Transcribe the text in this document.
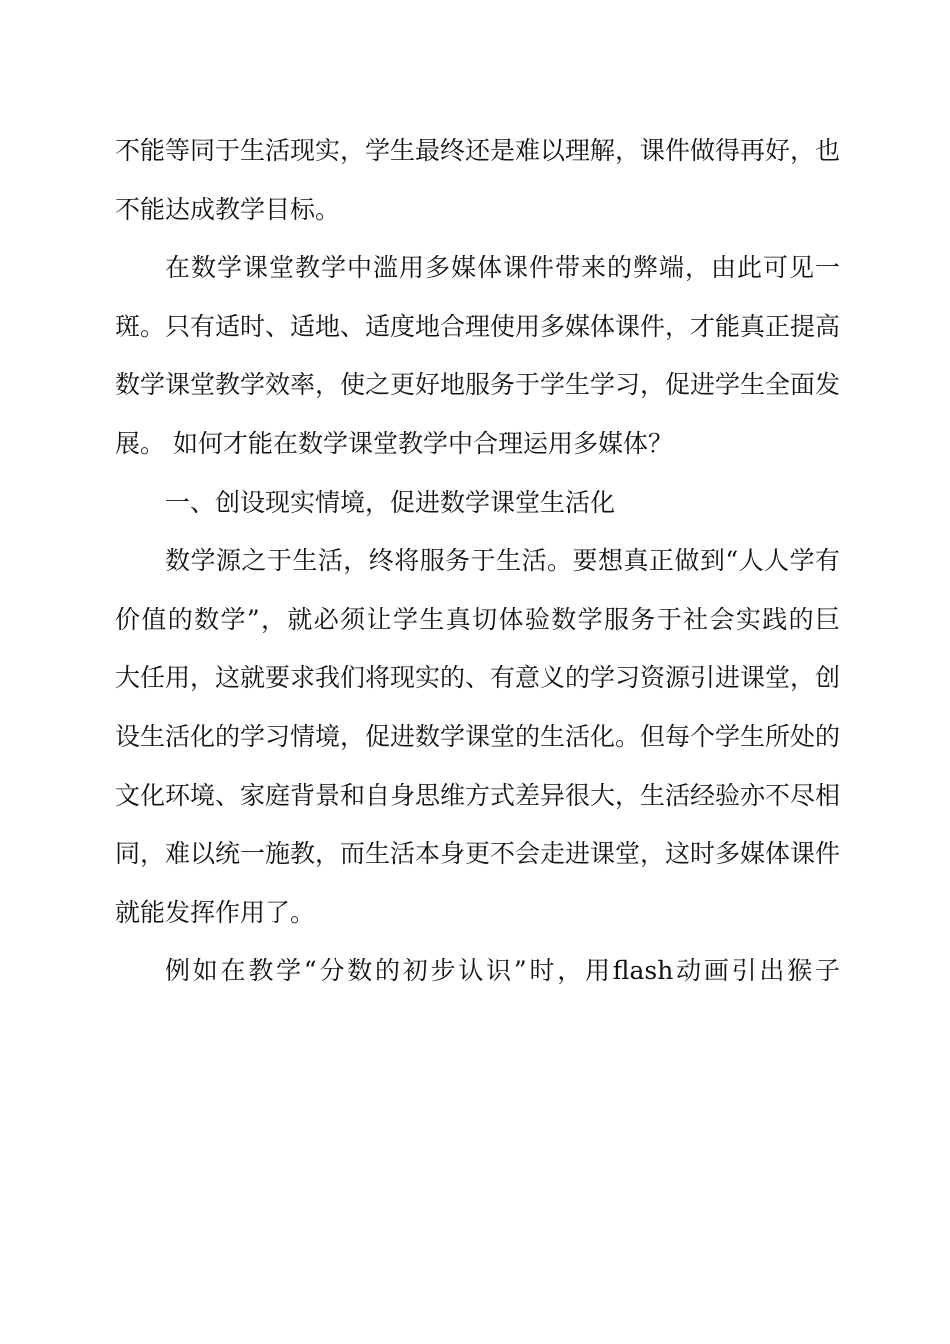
不能等同于生活现实，学生最终还是难以理解，课件做得再好，也
不能达成教学目标。
在数学课堂教学中滥用多媒体课件带来的弊端，由此可见一
斑。只有适时、适地、适度地合理使用多媒体课件，才能真正提高
数学课堂教学效率，使之更好地服务于学生学习，促进学生全面发
展。 如何才能在数学课堂教学中合理运用多媒体？
一、创设现实情境，促进数学课堂生活化
数学源之于生活，终将服务于生活。要想真正做到“人人学有
价值的数学”，就必须让学生真切体验数学服务于社会实践的巨
大任用，这就要求我们将现实的、有意义的学习资源引进课堂，创
设生活化的学习情境，促进数学课堂的生活化。但每个学生所处的
文化环境、家庭背景和自身思维方式差异很大，生活经验亦不尽相
同，难以统一施教，而生活本身更不会走进课堂，这时多媒体课件
就能发挥作用了。
例如在教学“分数的初步认识”时，用flash动画引出猴子
